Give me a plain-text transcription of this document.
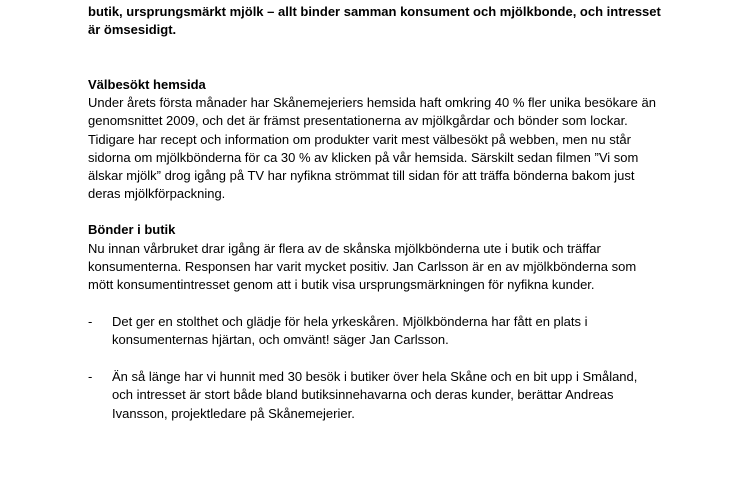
butik, ursprungsmärkt mjölk – allt binder samman konsument och mjölkbonde, och intresset

är ömsesidigt.

Välbesökt hemsida

Under årets första månader har Skånemejeriers hemsida haft omkring 40 % fler unika besökare än

genomsnittet 2009, och det är främst presentationerna av mjölkgårdar och bönder som lockar.

Tidigare har recept och information om produkter varit mest välbesökt på webben, men nu står

sidorna om mjölkbönderna för ca 30 % av klicken på vår hemsida. Särskilt sedan filmen ”Vi som

älskar mjölk” drog igång på TV har nyfikna strömmat till sidan för att träffa bönderna bakom just

deras mjölkförpackning.

Bönder i butik

Nu innan vårbruket drar igång är flera av de skånska mjölkbönderna ute i butik och träffar

konsumenterna. Responsen har varit mycket positiv. Jan Carlsson är en av mjölkbönderna som

mött konsumentintresset genom att i butik visa ursprungsmärkningen för nyfikna kunder.

-

	Det ger en stolthet och glädje för hela yrkeskåren. Mjölkbönderna har fått en plats i

konsumenternas hjärtan, och omvänt! säger Jan Carlsson.

-

	Än så länge har vi hunnit med 30 besök i butiker över hela Skåne och en bit upp i Småland,

och intresset är stort både bland butiksinnehavarna och deras kunder, berättar Andreas

Ivansson, projektledare på Skånemejerier.
